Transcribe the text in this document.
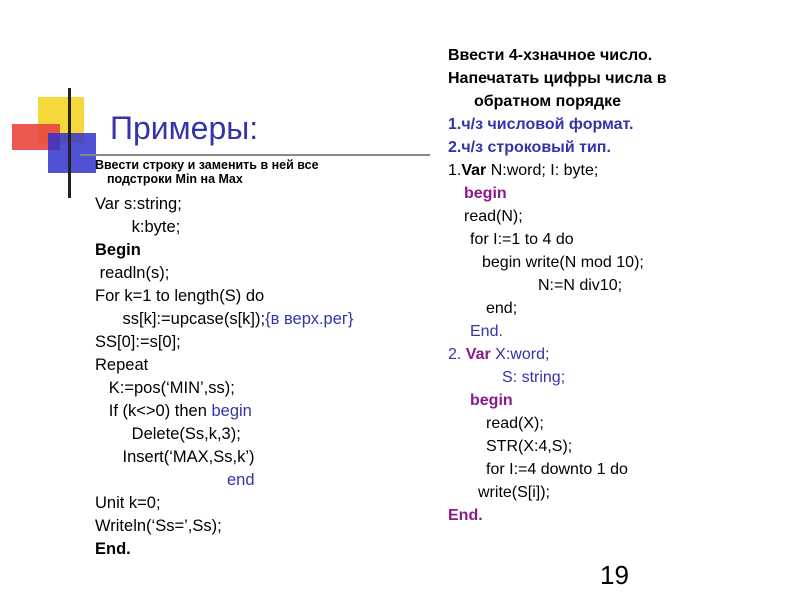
Примеры:
Ввести строку и заменить в ней все
подстроки Min на Max
Var s:string;
k:byte;
Begin
readln(s);
For k=1 to length(S) do
ss[k]:=upcase(s[k]);{в верх.рег}
SS[0]:=s[0];
Repeat
K:=pos(‘MIN’,ss);
If (k<>0) then begin
Delete(Ss,k,3);
Insert(‘MAX,Ss,k’)
end
Unit k=0;
Writeln(‘Ss=’,Ss);
End.
Ввести 4-хзначное число.
Напечатать цифры числа в
обратном порядке
1.ч/з числовой формат.
2.ч/з строковый тип.
1.Var N:word; I: byte;
begin
read(N);
for I:=1 to 4 do
begin write(N mod 10);
N:=N div10;
end;
End.
2. Var X:word;
S: string;
begin
read(X);
STR(X:4,S);
for I:=4 downto 1 do
write(S[i]);
End.
19
